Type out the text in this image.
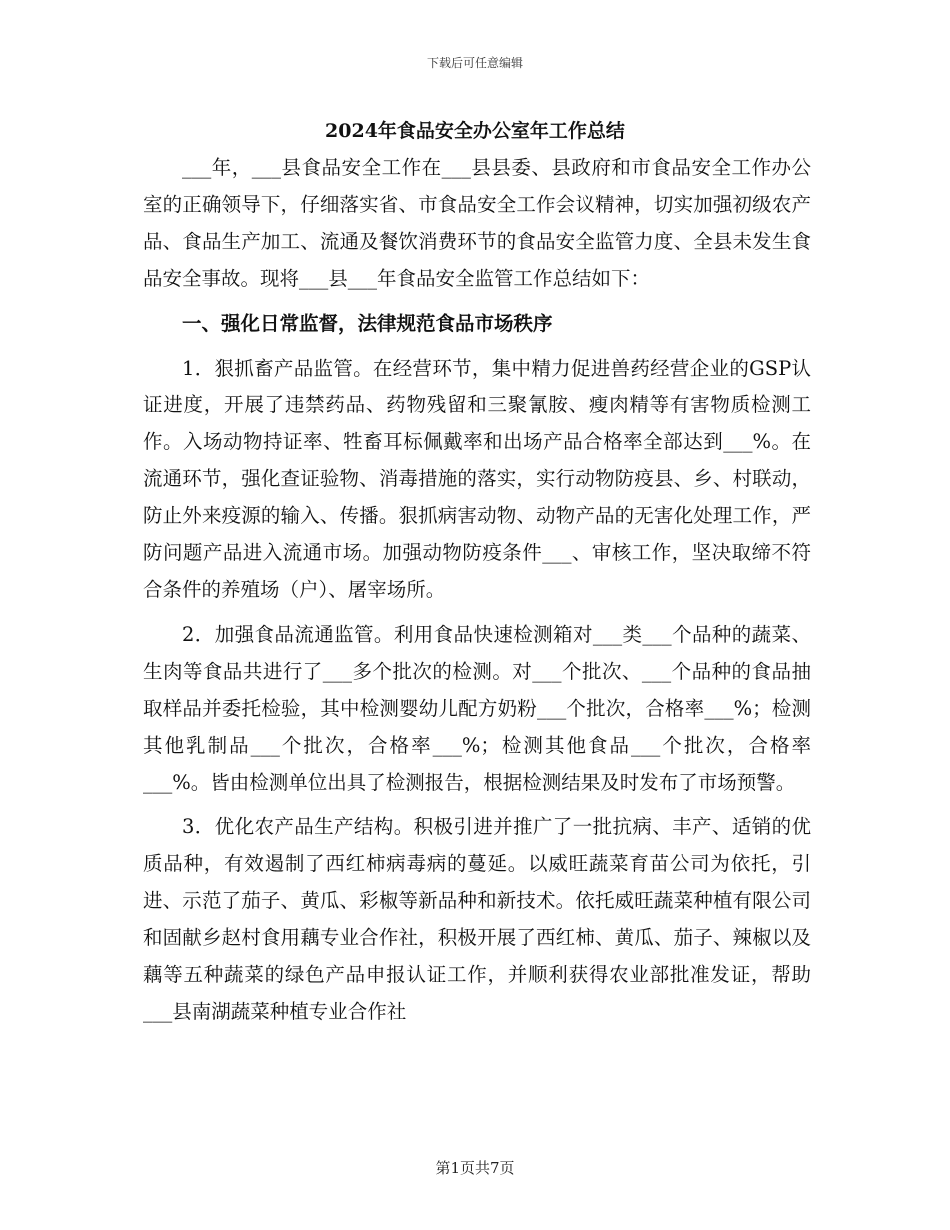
下载后可任意编辑
2024年食品安全办公室年工作总结

___年，___县食品安全工作在___县县委、县政府和市食品安全工作办公室的正确领导下，仔细落实省、市食品安全工作会议精神，切实加强初级农产品、食品生产加工、流通及餐饮消费环节的食品安全监管力度、全县未发生食品安全事故。现将___县___年食品安全监管工作总结如下：

一、强化日常监督，法律规范食品市场秩序

1．狠抓畜产品监管。在经营环节，集中精力促进兽药经营企业的GSP认证进度，开展了违禁药品、药物残留和三聚氰胺、瘦肉精等有害物质检测工作。入场动物持证率、牲畜耳标佩戴率和出场产品合格率全部达到___%。在流通环节，强化查证验物、消毒措施的落实，实行动物防疫县、乡、村联动，防止外来疫源的输入、传播。狠抓病害动物、动物产品的无害化处理工作，严防问题产品进入流通市场。加强动物防疫条件___、审核工作，坚决取缔不符合条件的养殖场（户）、屠宰场所。

2．加强食品流通监管。利用食品快速检测箱对___类___个品种的蔬菜、生肉等食品共进行了___多个批次的检测。对___个批次、___个品种的食品抽取样品并委托检验，其中检测婴幼儿配方奶粉___个批次，合格率___%；检测其他乳制品___个批次，合格率___%；检测其他食品___个批次，合格率___%。皆由检测单位出具了检测报告，根据检测结果及时发布了市场预警。

3．优化农产品生产结构。积极引进并推广了一批抗病、丰产、适销的优质品种，有效遏制了西红柿病毒病的蔓延。以威旺蔬菜育苗公司为依托，引进、示范了茄子、黄瓜、彩椒等新品种和新技术。依托威旺蔬菜种植有限公司和固献乡赵村食用藕专业合作社，积极开展了西红柿、黄瓜、茄子、辣椒以及藕等五种蔬菜的绿色产品申报认证工作，并顺利获得农业部批准发证，帮助___县南湖蔬菜种植专业合作社

第1页共7页
